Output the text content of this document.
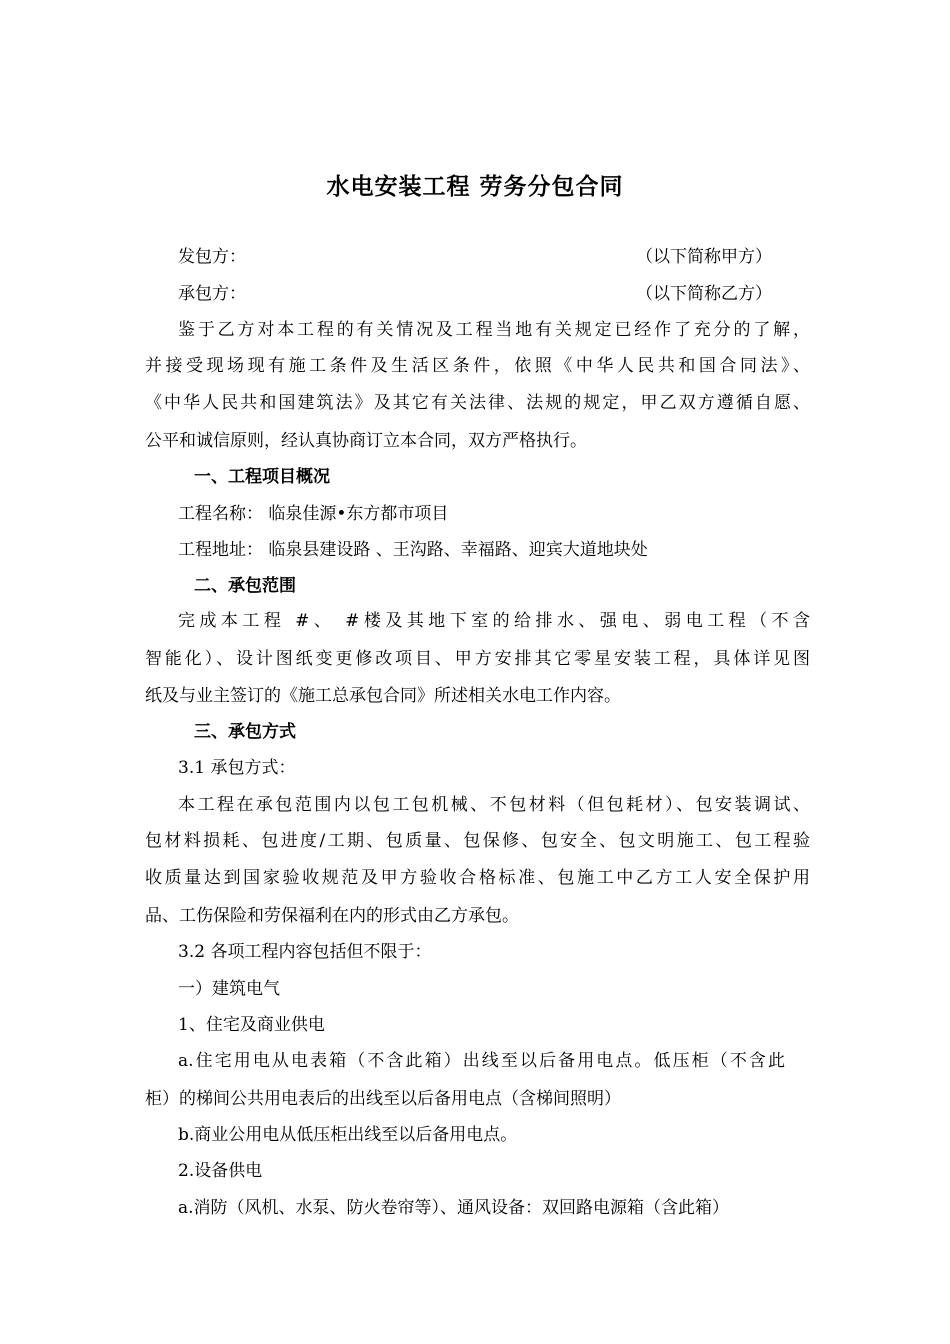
水电安装工程 劳务分包合同
发包方：	（以下简称甲方）
承包方：	（以下简称乙方）
鉴于乙方对本工程的有关情况及工程当地有关规定已经作了充分的了解，
并接受现场现有施工条件及生活区条件，依照《中华人民共和国合同法》、
《中华人民共和国建筑法》及其它有关法律、法规的规定，甲乙双方遵循自愿、
公平和诚信原则，经认真协商订立本合同，双方严格执行。
一、工程项目概况
工程名称： 临泉佳源•东方都市项目
工程地址： 临泉县建设路 、王沟路、幸福路、迎宾大道地块处
二、承包范围
完成本工程 #、 #楼及其地下室的给排水、强电、弱电工程（不含
智能化）、设计图纸变更修改项目、甲方安排其它零星安装工程，具体详见图
纸及与业主签订的《施工总承包合同》所述相关水电工作内容。
三、承包方式
3.1 承包方式：
本工程在承包范围内以包工包机械、不包材料（但包耗材）、包安装调试、
包材料损耗、包进度/工期、包质量、包保修、包安全、包文明施工、包工程验
收质量达到国家验收规范及甲方验收合格标准、包施工中乙方工人安全保护用
品、工伤保险和劳保福利在内的形式由乙方承包。
3.2 各项工程内容包括但不限于：
一）建筑电气
1、住宅及商业供电
a.住宅用电从电表箱（不含此箱）出线至以后备用电点。低压柜（不含此
柜）的梯间公共用电表后的出线至以后备用电点（含梯间照明）
b.商业公用电从低压柜出线至以后备用电点。
2.设备供电
a.消防（风机、水泵、防火卷帘等）、通风设备：双回路电源箱（含此箱）
